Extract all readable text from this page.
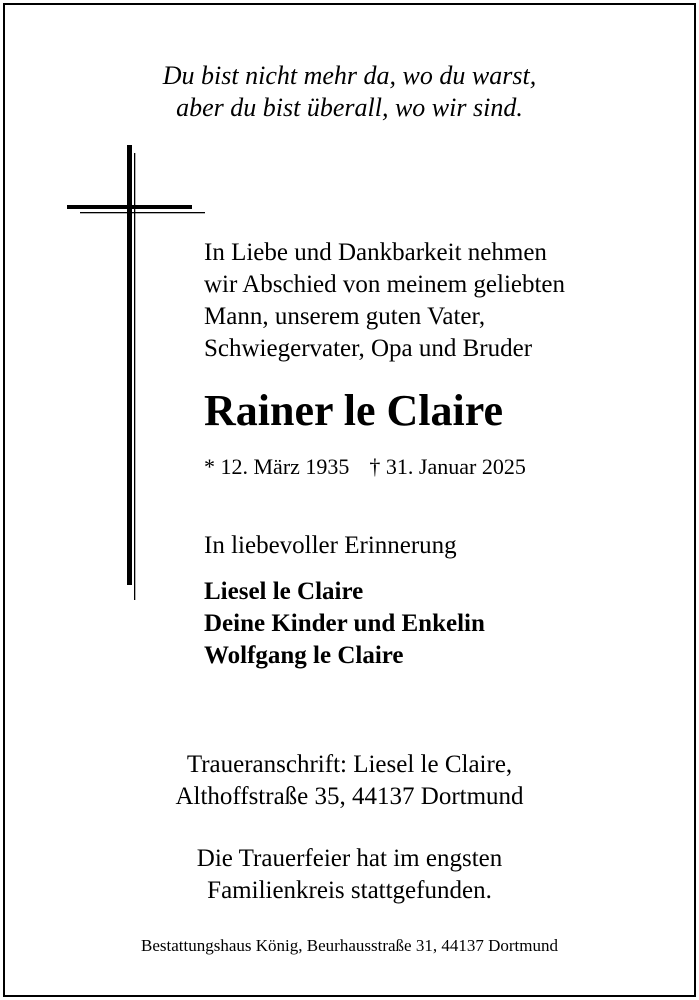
Du bist nicht mehr da, wo du warst,
aber du bist überall, wo wir sind.
In Liebe und Dankbarkeit nehmen
wir Abschied von meinem geliebten
Mann, unserem guten Vater,
Schwiegervater, Opa und Bruder
Rainer le Claire
* 12. März 1935 † 31. Januar 2025
In liebevoller Erinnerung
Liesel le Claire
Deine Kinder und Enkelin
Wolfgang le Claire
Traueranschrift: Liesel le Claire,
Althoffstraße 35, 44137 Dortmund
Die Trauerfeier hat im engsten
Familienkreis stattgefunden.
Bestattungshaus König, Beurhausstraße 31, 44137 Dortmund
